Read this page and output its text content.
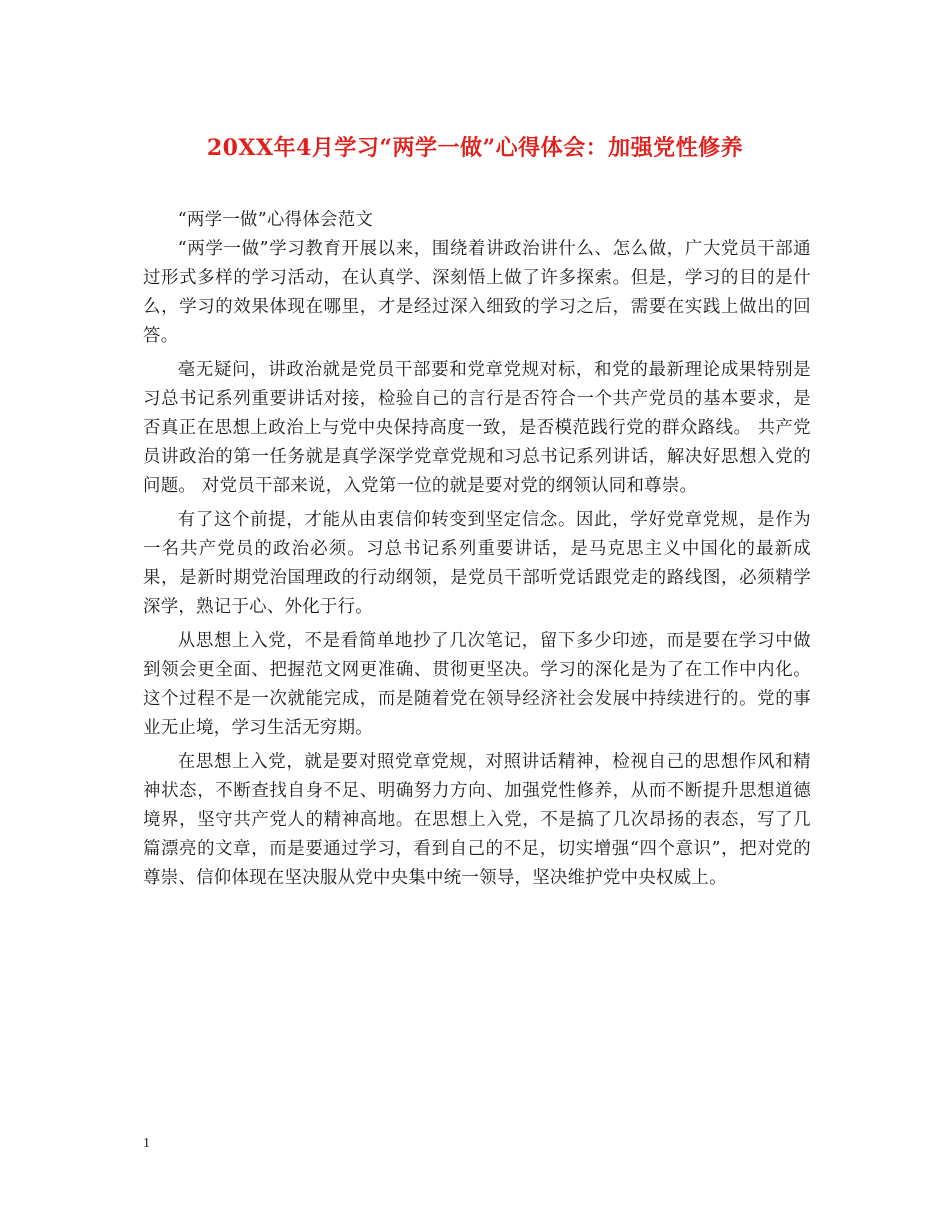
20XX年4月学习“两学一做”心得体会：加强党性修养

“两学一做”心得体会范文

“两学一做”学习教育开展以来，围绕着讲政治讲什么、怎么做，广大党员干部通过形式多样的学习活动，在认真学、深刻悟上做了许多探索。但是，学习的目的是什么，学习的效果体现在哪里，才是经过深入细致的学习之后，需要在实践上做出的回答。

毫无疑问，讲政治就是党员干部要和党章党规对标，和党的最新理论成果特别是习总书记系列重要讲话对接，检验自己的言行是否符合一个共产党员的基本要求，是否真正在思想上政治上与党中央保持高度一致，是否模范践行党的群众路线。 共产党员讲政治的第一任务就是真学深学党章党规和习总书记系列讲话，解决好思想入党的问题。 对党员干部来说，入党第一位的就是要对党的纲领认同和尊崇。

有了这个前提，才能从由衷信仰转变到坚定信念。因此，学好党章党规，是作为一名共产党员的政治必须。习总书记系列重要讲话，是马克思主义中国化的最新成果，是新时期党治国理政的行动纲领，是党员干部听党话跟党走的路线图，必须精学深学，熟记于心、外化于行。

从思想上入党，不是看简单地抄了几次笔记，留下多少印迹，而是要在学习中做到领会更全面、把握范文网更准确、贯彻更坚决。学习的深化是为了在工作中内化。这个过程不是一次就能完成，而是随着党在领导经济社会发展中持续进行的。党的事业无止境，学习生活无穷期。

在思想上入党，就是要对照党章党规，对照讲话精神，检视自己的思想作风和精神状态，不断查找自身不足、明确努力方向、加强党性修养，从而不断提升思想道德境界，坚守共产党人的精神高地。在思想上入党，不是搞了几次昂扬的表态，写了几篇漂亮的文章，而是要通过学习，看到自己的不足，切实增强“四个意识”，把对党的尊崇、信仰体现在坚决服从党中央集中统一领导，坚决维护党中央权威上。

1
